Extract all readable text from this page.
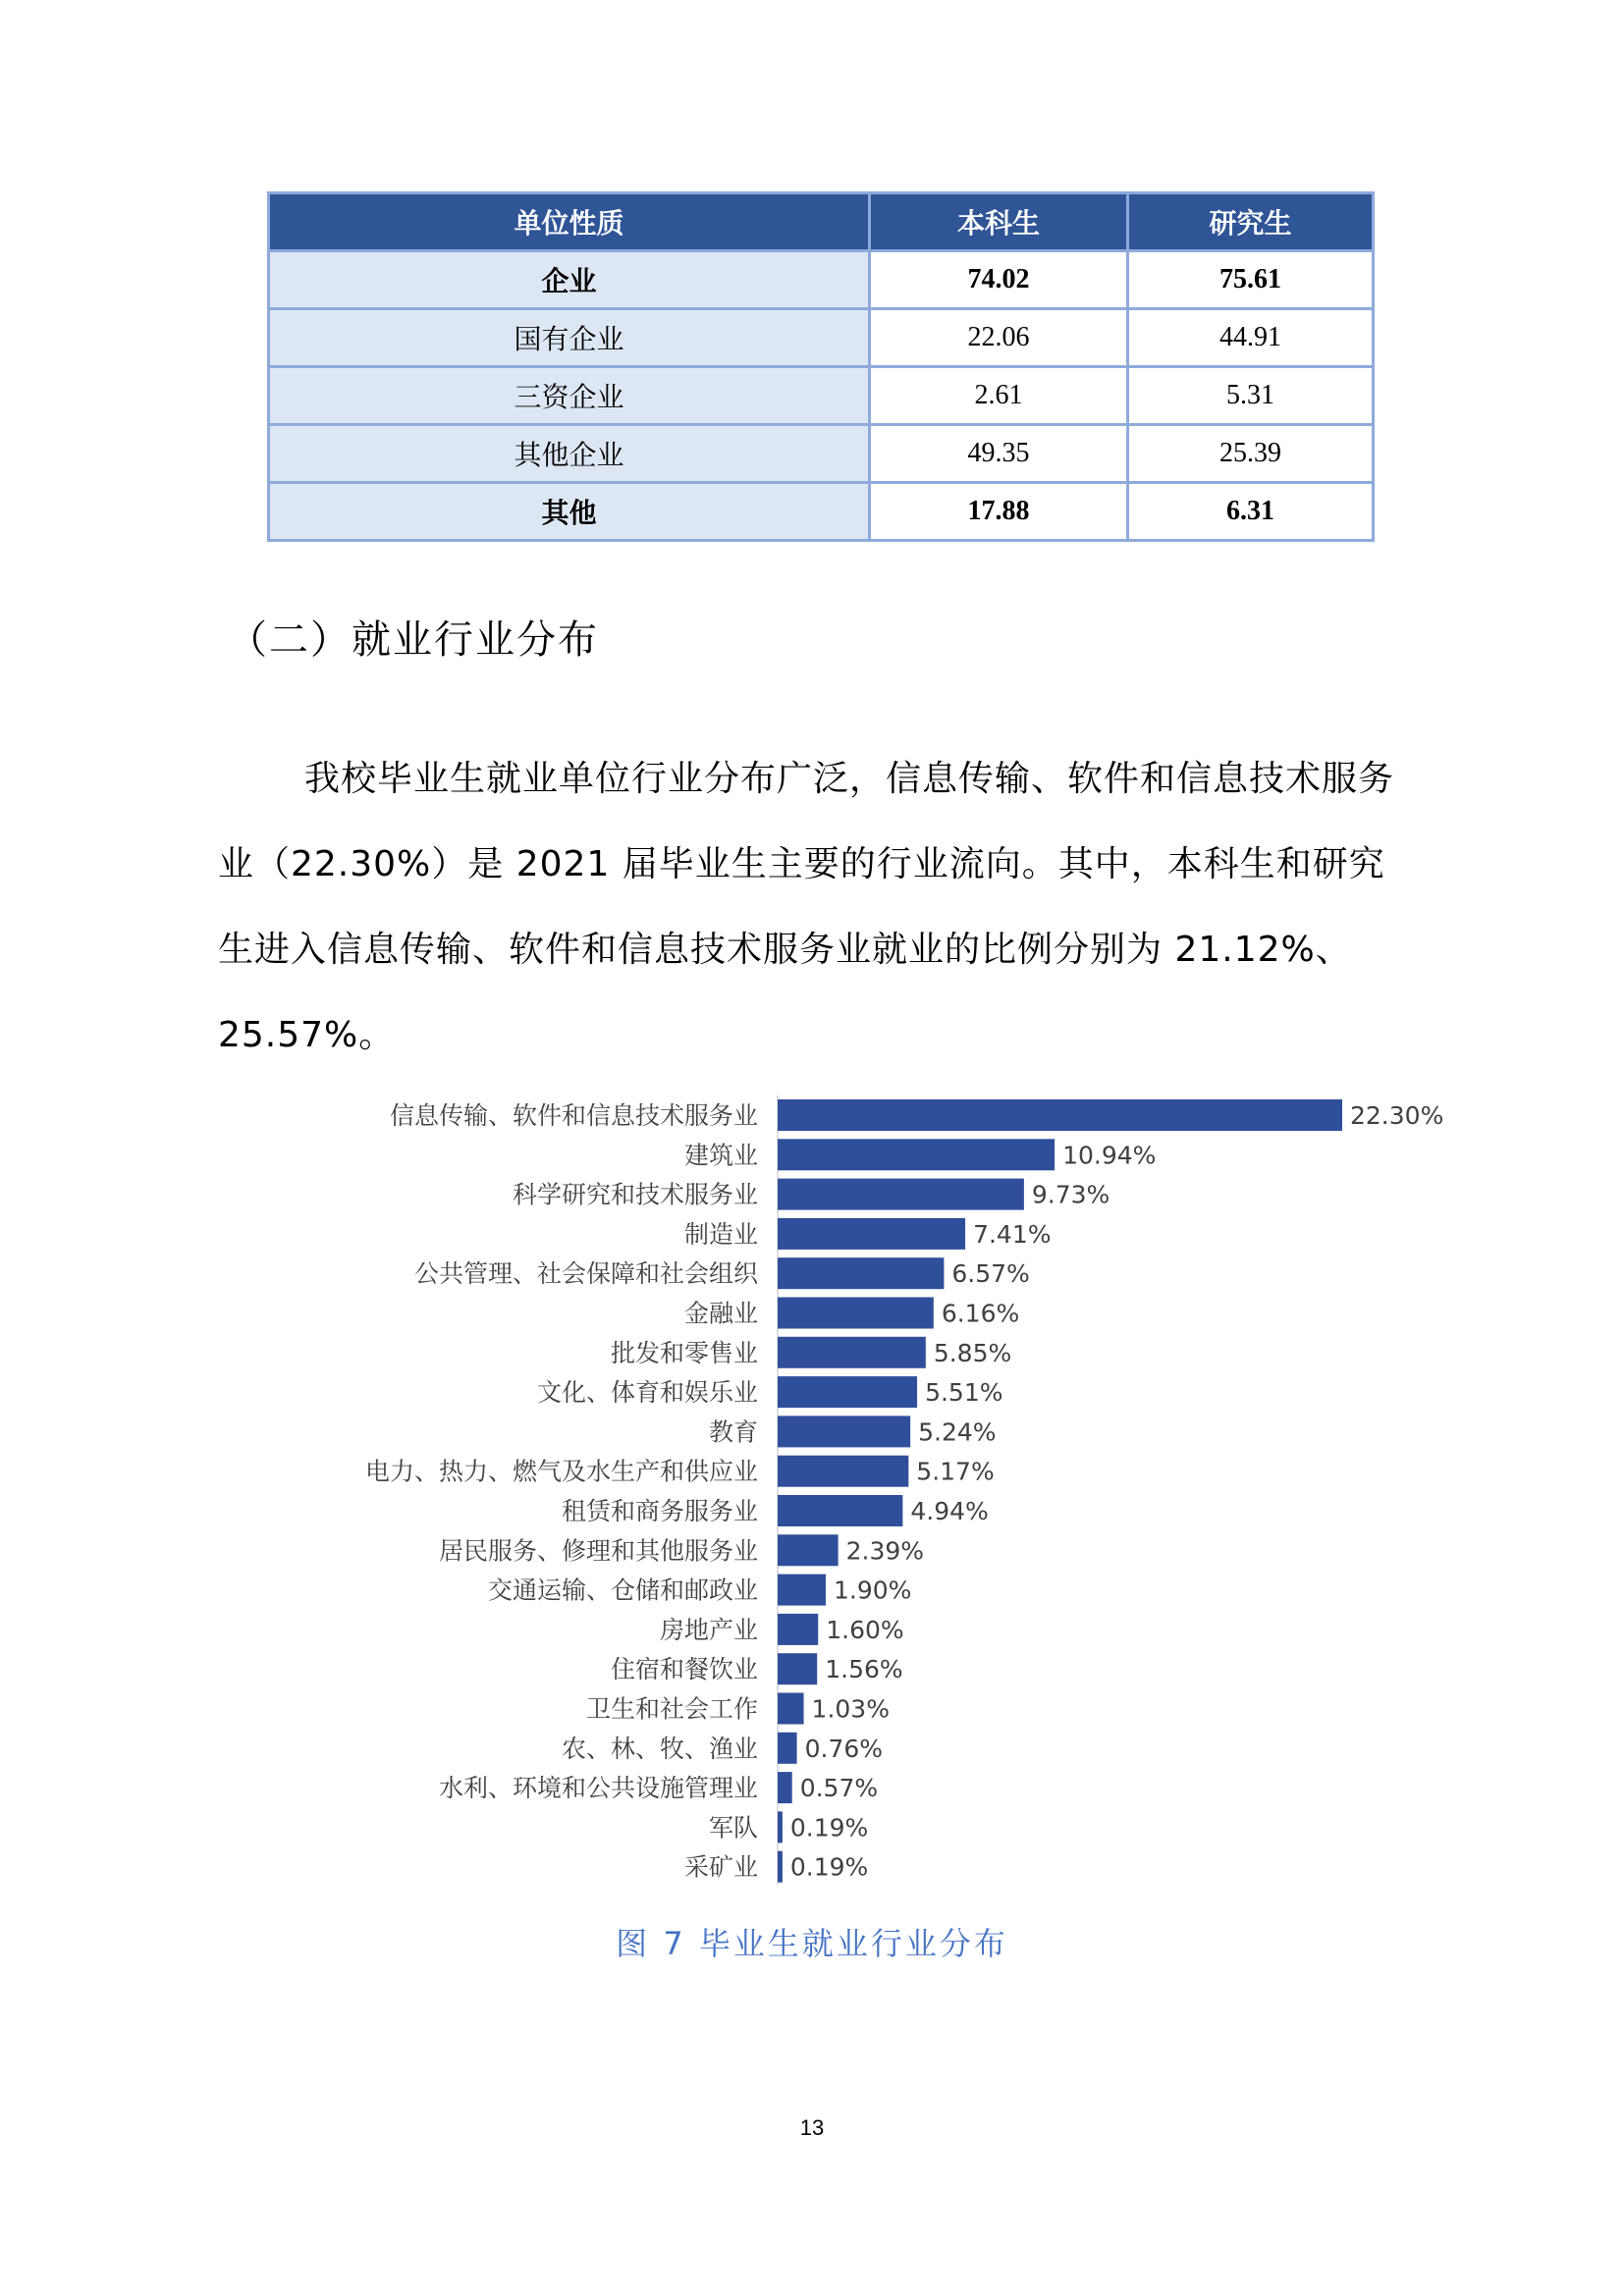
单位性质	本科生	研究生
企业	74.02	75.61
国有企业	22.06	44.91
三资企业	2.61	5.31
其他企业	49.35	25.39
其他	17.88	6.31
（二）就业行业分布

我校毕业生就业单位行业分布广泛，信息传输、软件和信息技术服务业（22.30%）是 2021 届毕业生主要的行业流向。其中，本科生和研究生进入信息传输、软件和信息技术服务业就业的比例分别为 21.12%、25.57%。

信息传输、软件和信息技术服务业	22.30%
建筑业	10.94%
科学研究和技术服务业	9.73%
制造业	7.41%
公共管理、社会保障和社会组织	6.57%
金融业	6.16%
批发和零售业	5.85%
文化、体育和娱乐业	5.51%
教育	5.24%
电力、热力、燃气及水生产和供应业	5.17%
租赁和商务服务业	4.94%
居民服务、修理和其他服务业	2.39%
交通运输、仓储和邮政业	1.90%
房地产业	1.60%
住宿和餐饮业	1.56%
卫生和社会工作 1.03%
农、林、牧、渔业 0.76%
水利、环境和公共设施管理业 0.57%
军队 0.19%
采矿业 0.19%

图 7 毕业生就业行业分布

13
